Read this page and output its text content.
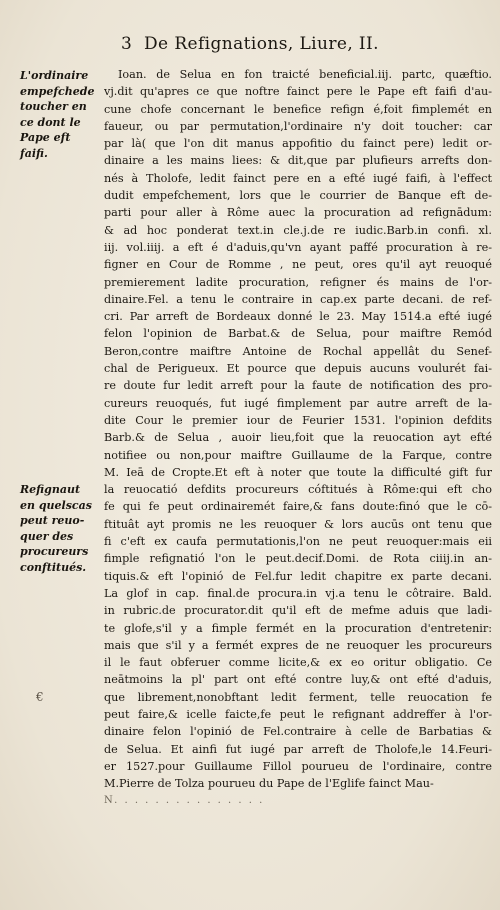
3 De Refignations, Liure, II.
L'ordinaire
empefchede
toucher en
ce dont le
Pape eft
faifi.
Refignaut
en quelscas
peut reuo-
quer des
procureurs
conftitués.
€
Ioan. de Selua en fon traicté beneficial.iij. partc, quæftio.
vj.dit qu'apres ce que noftre fainct pere le Pape eft faifi d'au-
cune chofe concernant le benefice refign é,foit fimplemét en
faueur, ou par permutation,l'ordinaire n'y doit toucher: car
par là( que l'on dit manus appofitio du fainct pere) ledit or-
dinaire a les mains liees: & dit,que par plufieurs arrefts don-
nés à Tholofe, ledit fainct pere en a efté iugé faifi, à l'effect
dudit empefchement, lors que le courrier de Banque eft de-
parti pour aller à Rôme auec la procuration ad refignādum:
& ad hoc ponderat text.in cle.j.de re iudic.Barb.in confi. xl.
iij. vol.iiij. a eft é d'aduis,qu'vn ayant paffé procuration à re-
figner en Cour de Romme , ne peut, ores qu'il ayt reuoqué
premierement ladite procuration, refigner és mains de l'or-
dinaire.Fel. a tenu le contraire in cap.ex parte decani. de ref-
cri. Par arreft de Bordeaux donné le 23. May 1514.a efté iugé
felon l'opinion de Barbat.& de Selua, pour maiftre Remód
Beron,contre maiftre Antoine de Rochal appellât du Senef-
chal de Perigueux. Et pource que depuis aucuns voulurét fai-
re doute fur ledit arreft pour la faute de notification des pro-
cureurs reuoqués, fut iugé fimplement par autre arreft de la-
dite Cour le premier iour de Feurier 1531. l'opinion defdits
Barb.& de Selua , auoir lieu,foit que la reuocation ayt efté
notifiee ou non,pour maiftre Guillaume de la Farque, contre
M. Ieā de Cropte.Et eft à noter que toute la difficulté gift fur
la reuocatió defdits procureurs cóftitués à Rôme:qui eft cho
fe qui fe peut ordinairemét faire,& fans doute:finó que le cō-
ftituât ayt promis ne les reuoquer & lors aucūs ont tenu que
fi c'eft ex caufa permutationis,l'on ne peut reuoquer:mais eii
fimple refignatió l'on le peut.decif.Domi. de Rota ciiij.in an-
tiquis.& eft l'opinió de Fel.fur ledit chapitre ex parte decani.
La glof in cap. final.de procura.in vj.a tenu le côtraire. Bald.
in rubric.de procurator.dit qu'il eft de mefme aduis que ladi-
te glofe,s'il y a fimple fermét en la procuration d'entretenir:
mais que s'il y a fermét expres de ne reuoquer les procureurs
il le faut obferuer comme licite,& ex eo oritur obligatio. Ce
neātmoins la pl' part ont efté contre luy,& ont efté d'aduis,
que librement,nonobftant ledit ferment, telle reuocation fe
peut faire,& icelle faicte,fe peut le refignant addreffer à l'or-
dinaire felon l'opinió de Fel.contraire à celle de Barbatias &
de Selua. Et ainfi fut iugé par arreft de Tholofe,le 14.Feuri-
er 1527.pour Guillaume Fillol pourueu de l'ordinaire, contre
M.Pierre de Tolza pourueu du Pape de l'Eglife fainct Mau-
N. . . . . . . . . . . . . . .
